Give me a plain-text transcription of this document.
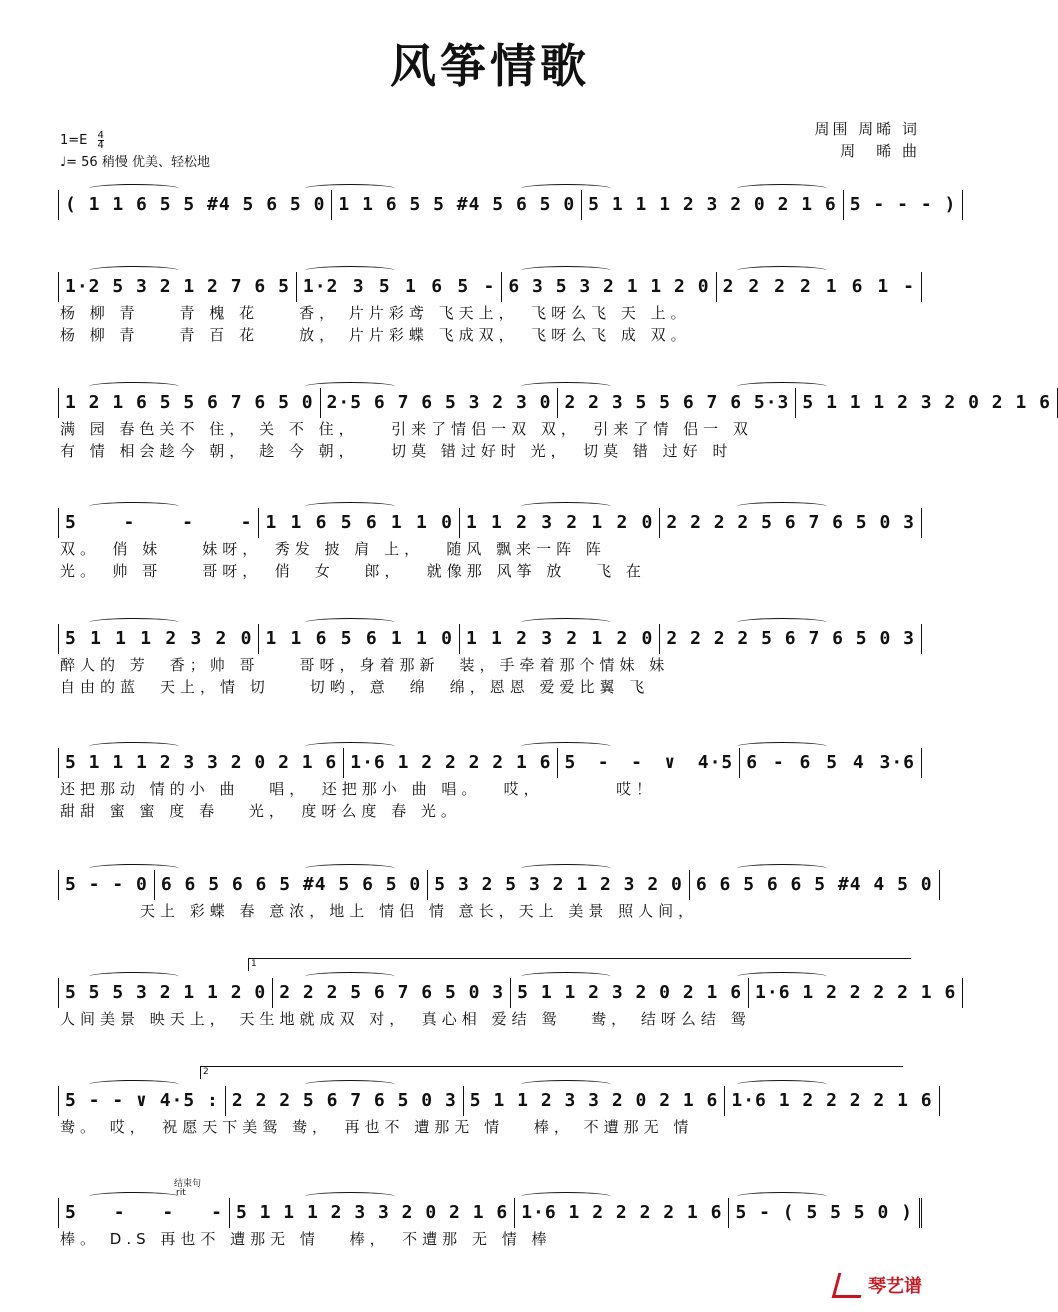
风筝情歌
周围 周晞 词
周　晞 曲
$1=E \frac{4}{4}$
♩= 56 稍慢 优美、轻松地
( 1 1 6 5 5 #4 5 6 5 0 1 1 6 5 5 #4 5 6 5 0 5 1 1 1 2 3 2 0 2 1 6 5 - - - )
1·2 5 3 2 1 2 7 6 5 1·2 3 5 1 6 5 - 6 3 5 3 2 1 1 2 0 2 2 2 2 1 6 1 -
杨 柳 青　　青 槐 花　　香， 片片彩鸢 飞天上，　飞呀么飞 天 上。
杨 柳 青　　青 百 花　　放， 片片彩蝶 飞成双，　飞呀么飞 成 双。
1 2 1 6 5 5 6 7 6 5 0 2·5 6 7 6 5 3 2 3 0 2 2 3 5 5 6 7 6 5·3 5 1 1 1 2 3 2 0 2 1 6
满 园 春色关不 住， 关 不 住，　　引来了情侣一双 双，　引来了情 侣一 双
有 情 相会趁今 朝， 趁 今 朝，　　切莫 错过好时 光，　切莫 错 过好 时
5 - - - 1 1 6 5 6 1 1 0 1 1 2 3 2 1 2 0 2 2 2 2 5 6 7 6 5 0 3
双。　俏 妹　　妹呀，　秀发 披 肩 上，　 随风 飘来一阵 阵
光。　帅 哥　　哥呀，　俏　女　 郎，　 就像那 风筝 放　 飞 在
5 1 1 1 2 3 2 0 1 1 6 5 6 1 1 0 1 1 2 3 2 1 2 0 2 2 2 2 5 6 7 6 5 0 3
醉人的 芳　香；帅 哥　　哥呀，身着那新　装，手牵着那个情妹 妹
自由的蓝　天上，情 切　　切哟，意　绵　绵，恩恩 爱爱比翼 飞
5 1 1 1 2 3 3 2 0 2 1 6 1·6 1 2 2 2 2 1 6 5 - - ∨ 4·5 6 - 6 5 4 3·6
还把那动 情的小 曲　 唱，　还把那小 曲 唱。　 哎，　　　　哎！
甜甜 蜜 蜜 度 春　 光，　度呀么度 春 光。
5 - - 0 6 6 5 6 6 5 #4 5 6 5 0 5 3 2 5 3 2 1 2 3 2 0 6 6 5 6 6 5 #4 4 5 0
　　　　天上 彩蝶 春 意浓，地上 情侣 情 意长，天上 美景 照人间，
5 5 5 3 2 1 1 2 0 2 2 2 5 6 7 6 5 0 3 5 1 1 2 3 2 0 2 1 6 1·6 1 2 2 2 2 1 6
人间美景 映天上， 天生地就成双 对，　真心相 爱结 鸳　 鸯， 结呀么结 鸳
1
5 - - ∨ 4·5 : 2 2 2 5 6 7 6 5 0 3 5 1 1 2 3 3 2 0 2 1 6 1·6 1 2 2 2 2 1 6
鸯。 哎，　祝愿天下美鸳 鸯，　再也不 遭那无 情　 棒， 不遭那无 情
2
5 - - - 5 1 1 1 2 3 3 2 0 2 1 6 1·6 1 2 2 2 2 1 6 5 - ( 5 5 5 0 )
棒。 D.S 再也不 遭那无 情　 棒，　不遭那 无 情 棒
结束句
rit
琴艺谱
